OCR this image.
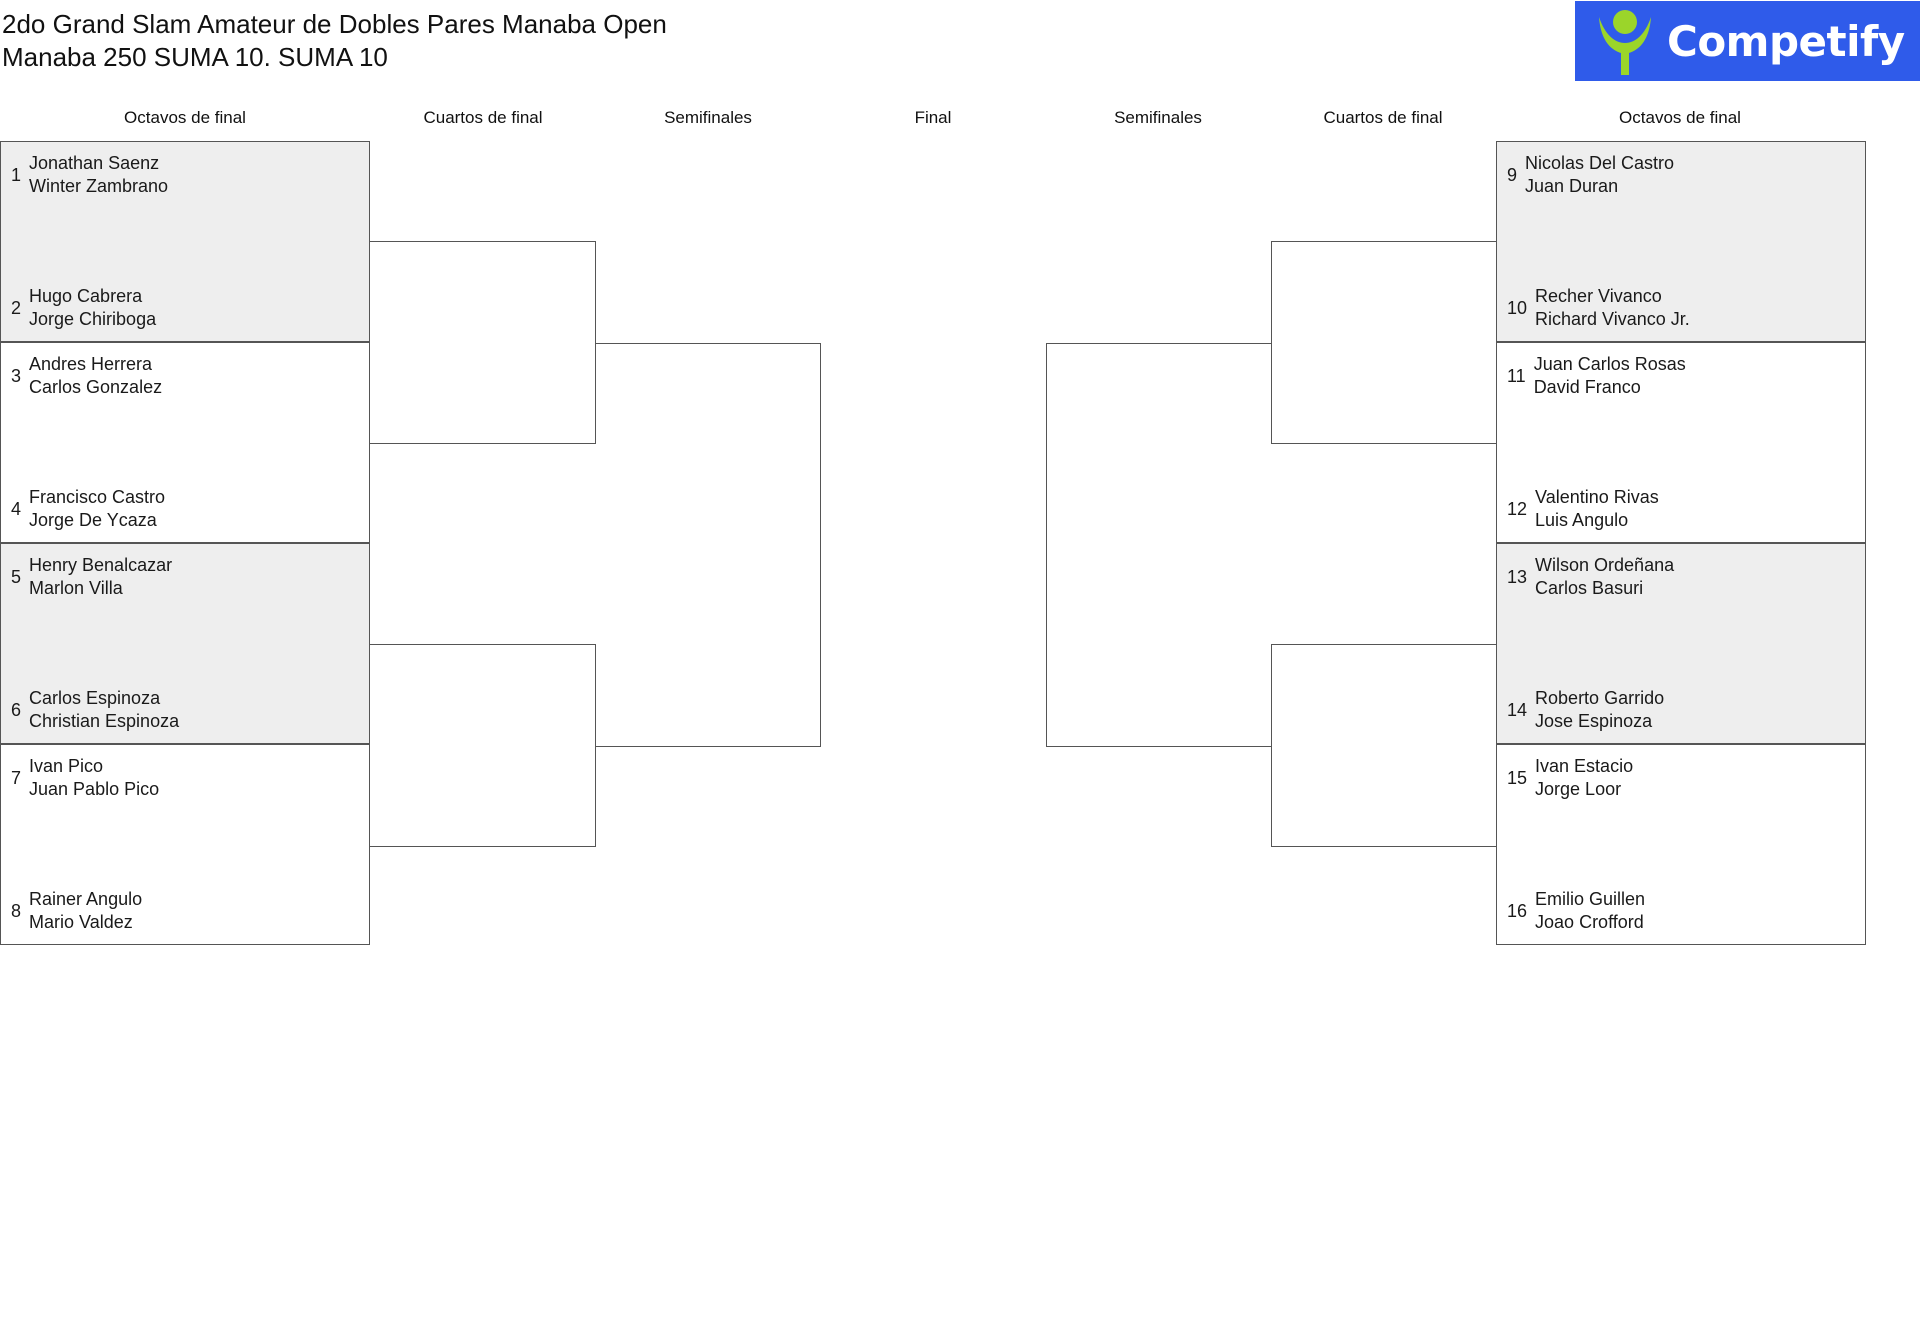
2do Grand Slam Amateur de Dobles Pares Manaba Open
Manaba 250 SUMA 10. SUMA 10	Competify
Octavos de final	Cuartos de final	Semifinales	Final	Semifinales	Cuartos de final	Octavos de final
1
Jonathan Saenz
Winter Zambrano
2
Hugo Cabrera
Jorge Chiriboga
3
Andres Herrera
Carlos Gonzalez
4
Francisco Castro
Jorge De Ycaza
5
Henry Benalcazar
Marlon Villa
6
Carlos Espinoza
Christian Espinoza
7
Ivan Pico
Juan Pablo Pico
8
Rainer Angulo
Mario Valdez
9
Nicolas Del Castro
Juan Duran
10
Recher Vivanco
Richard Vivanco Jr.
11
Juan Carlos Rosas
David Franco
12
Valentino Rivas
Luis Angulo
13
Wilson Ordeñana
Carlos Basuri
14
Roberto Garrido
Jose Espinoza
15
Ivan Estacio
Jorge Loor
16
Emilio Guillen
Joao Crofford
